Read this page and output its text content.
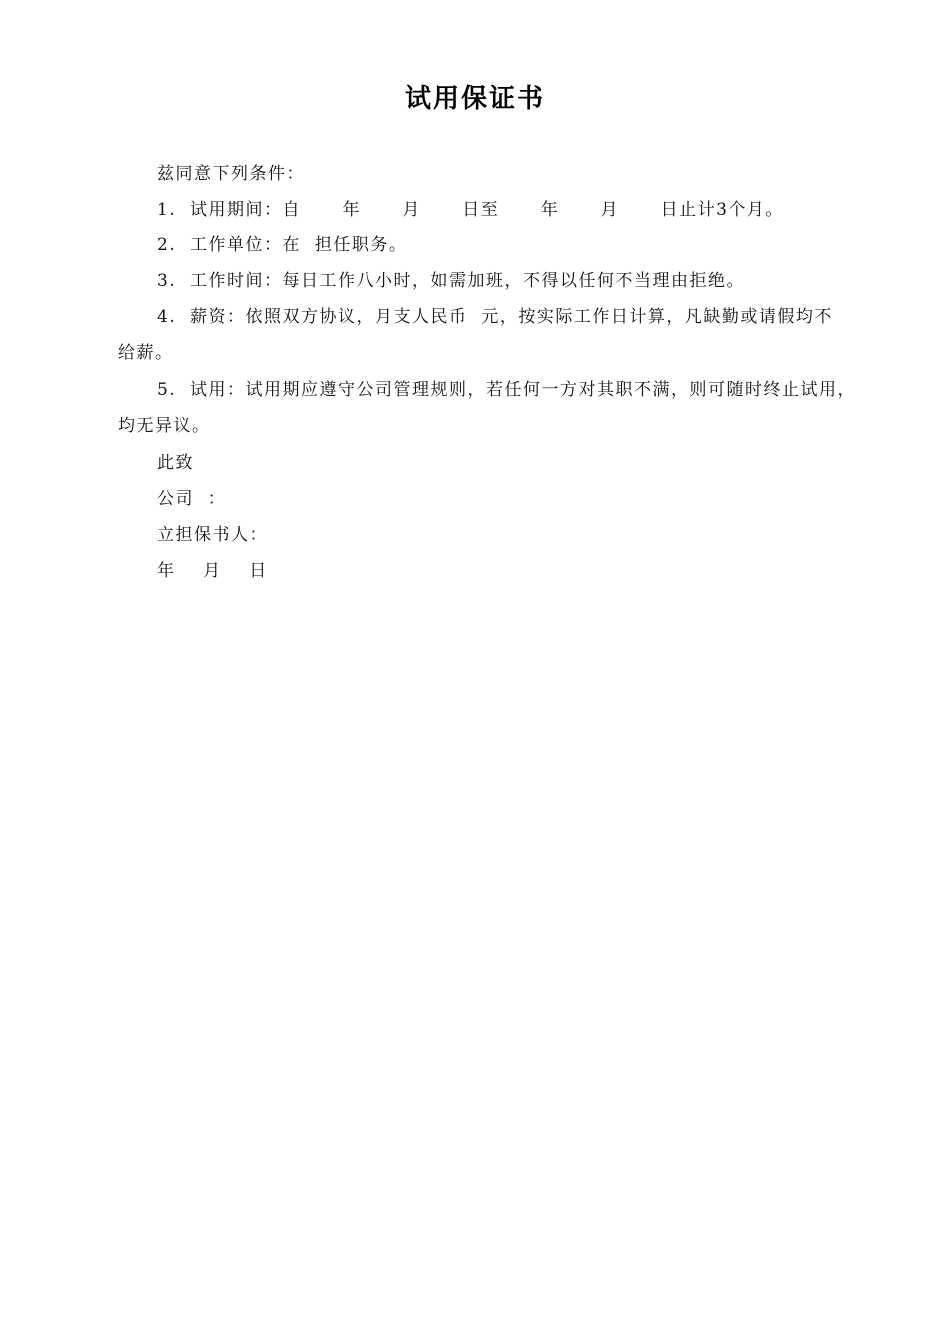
试用保证书
兹同意下列条件：
1.  试用期间：自      年      月      日至      年      月      日止计3个月。
2.  工作单位：在  担任职务。
3.  工作时间：每日工作八小时，如需加班，不得以任何不当理由拒绝。
4.  薪资：依照双方协议，月支人民币  元，按实际工作日计算，凡缺勤或请假均不
给薪。
5.  试用：试用期应遵守公司管理规则，若任何一方对其职不满，则可随时终止试用，
均无异议。
此致
公司  ：
立担保书人：
年    月    日
